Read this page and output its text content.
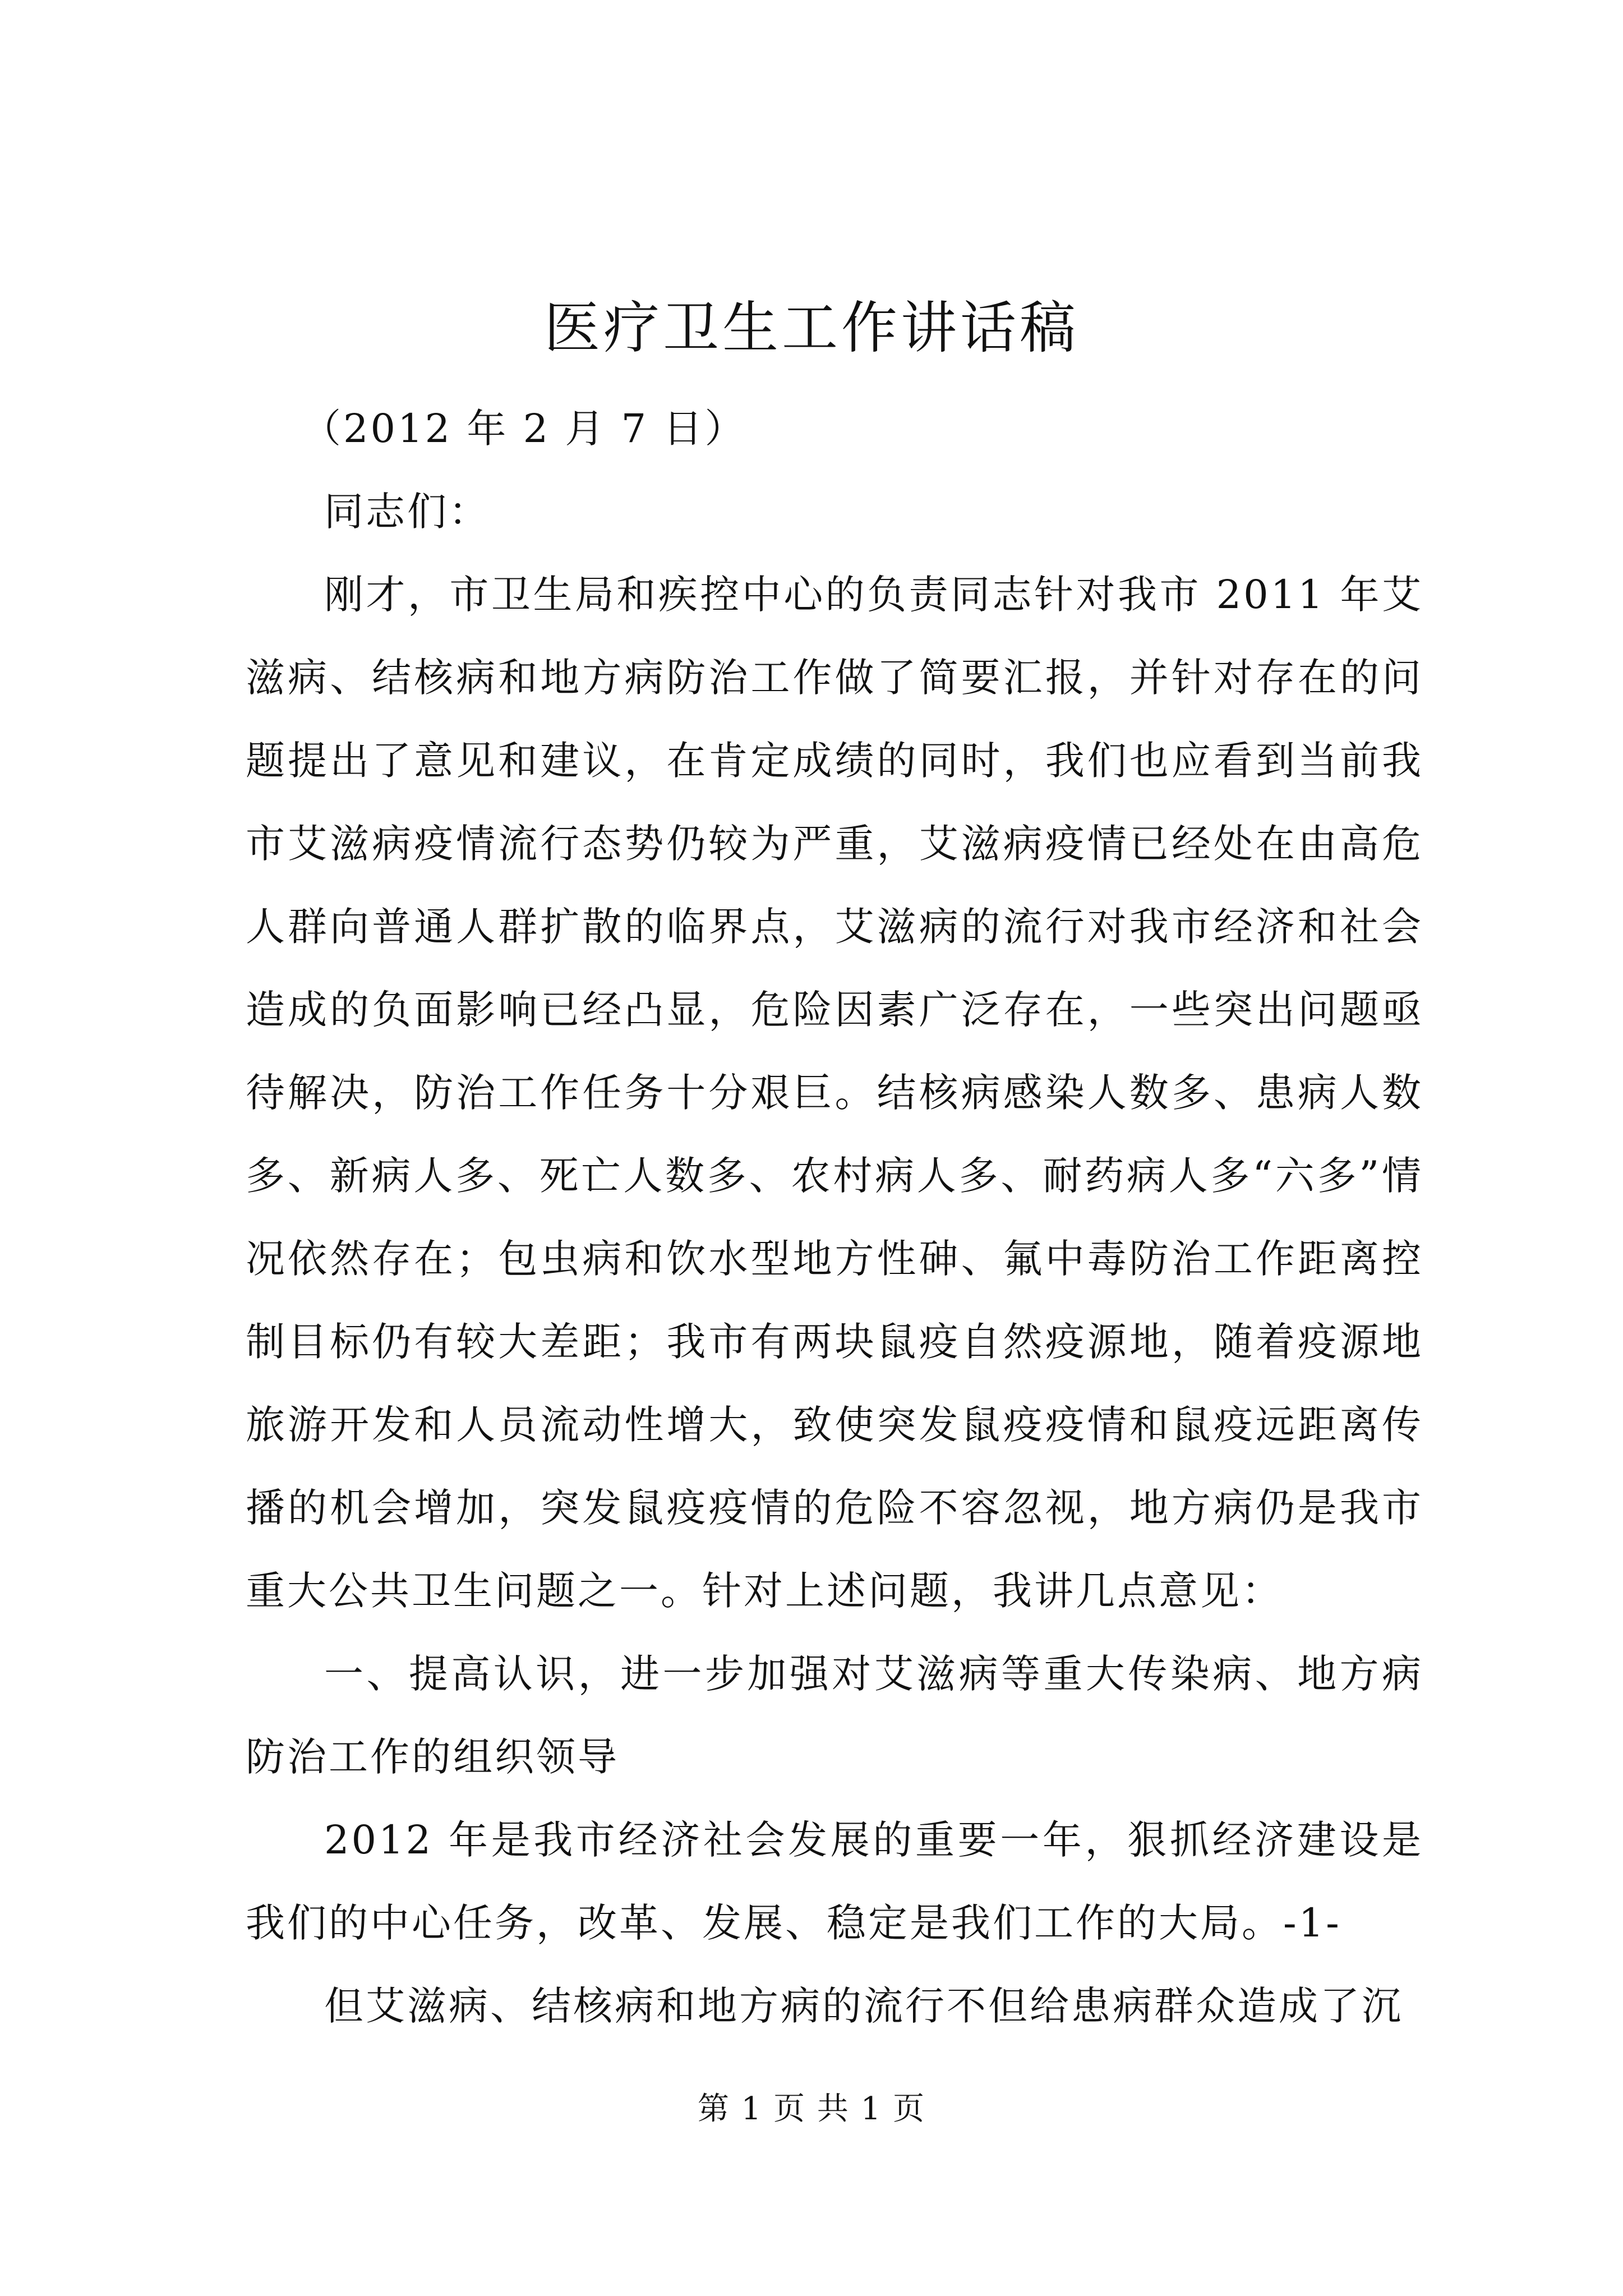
医疗卫生工作讲话稿

（2012 年 2 月 7 日）

同志们：

刚才，市卫生局和疾控中心的负责同志针对我市 2011 年艾滋病、结核病和地方病防治工作做了简要汇报，并针对存在的问题提出了意见和建议，在肯定成绩的同时，我们也应看到当前我市艾滋病疫情流行态势仍较为严重，艾滋病疫情已经处在由高危人群向普通人群扩散的临界点，艾滋病的流行对我市经济和社会造成的负面影响已经凸显，危险因素广泛存在，一些突出问题亟待解决，防治工作任务十分艰巨。结核病感染人数多、患病人数多、新病人多、死亡人数多、农村病人多、耐药病人多“六多”情况依然存在；包虫病和饮水型地方性砷、氟中毒防治工作距离控制目标仍有较大差距；我市有两块鼠疫自然疫源地，随着疫源地旅游开发和人员流动性增大，致使突发鼠疫疫情和鼠疫远距离传播的机会增加，突发鼠疫疫情的危险不容忽视，地方病仍是我市重大公共卫生问题之一。针对上述问题，我讲几点意见：

一、提高认识，进一步加强对艾滋病等重大传染病、地方病防治工作的组织领导

2012 年是我市经济社会发展的重要一年，狠抓经济建设是我们的中心任务，改革、发展、稳定是我们工作的大局。-1-

但艾滋病、结核病和地方病的流行不但给患病群众造成了沉

第 1 页 共 1 页
